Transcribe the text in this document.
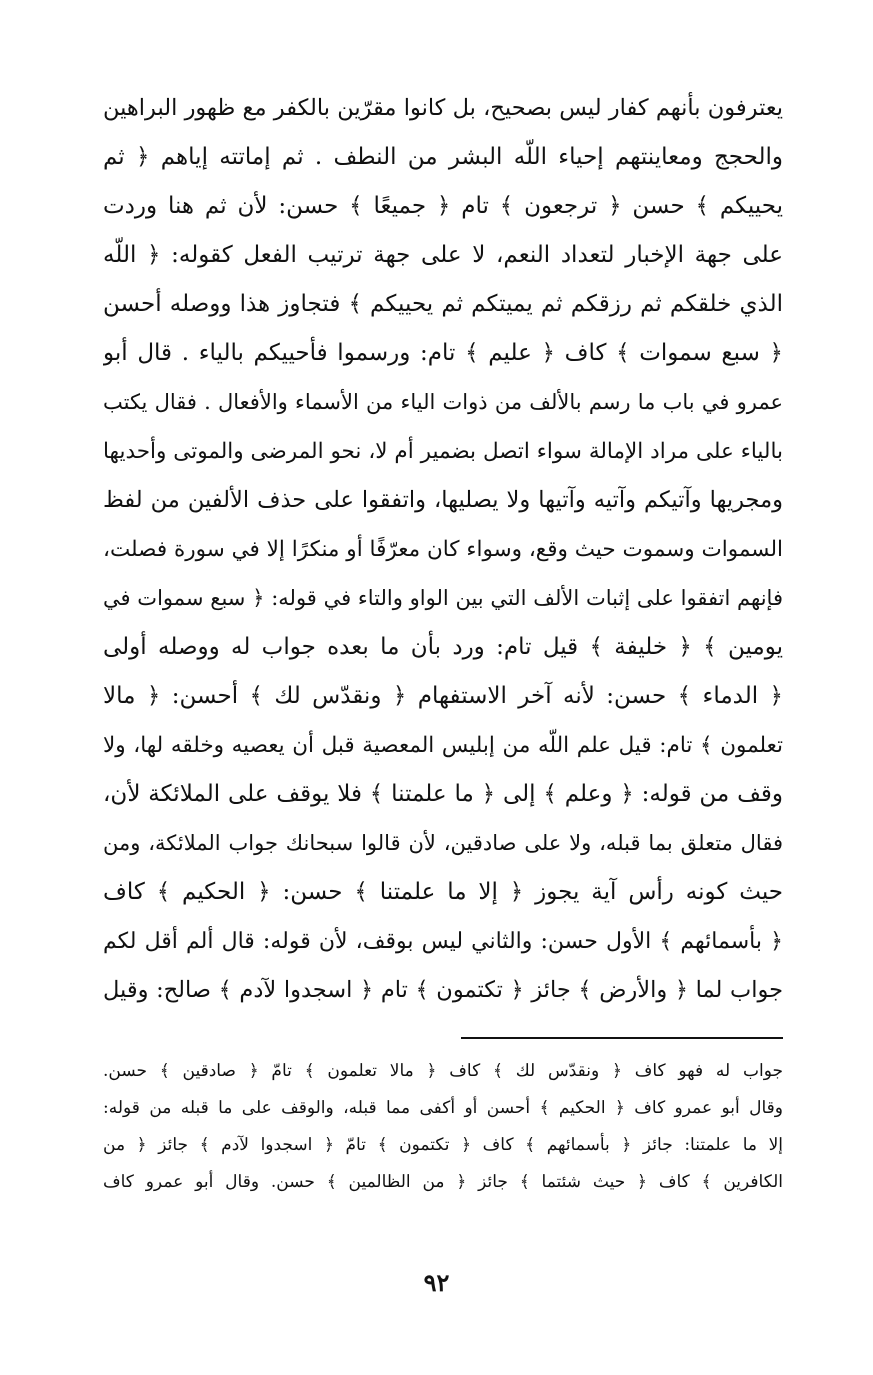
يعترفون بأنهم كفار ليس بصحيح، بل كانوا مقرّين بالكفر مع ظهور البراهين
والحجج ومعاينتهم إحياء اللّه البشر من النطف . ثم إماتته إياهم ﴿ ثم
يحييكم ﴾ حسن ﴿ ترجعون ﴾ تام ﴿ جميعًا ﴾ حسن: لأن ثم هنا وردت
على جهة الإخبار لتعداد النعم، لا على جهة ترتيب الفعل كقوله: ﴿ اللّه
الذي خلقكم ثم رزقكم ثم يميتكم ثم يحييكم ﴾ فتجاوز هذا ووصله أحسن
﴿ سبع سموات ﴾ كاف ﴿ عليم ﴾ تام: ورسموا فأحييكم بالياء . قال أبو
عمرو في باب ما رسم بالألف من ذوات الياء من الأسماء والأفعال . فقال يكتب
بالياء على مراد الإمالة سواء اتصل بضمير أم لا، نحو المرضى والموتى وأحديها
ومجريها وآتيكم وآتيه وآتيها ولا يصليها، واتفقوا على حذف الألفين من لفظ
السموات وسموت حيث وقع، وسواء كان معرّفًا أو منكرًا إلا في سورة فصلت،
فإنهم اتفقوا على إثبات الألف التي بين الواو والتاء في قوله: ﴿ سبع سموات في
يومين ﴾ ﴿ خليفة ﴾ قيل تام: ورد بأن ما بعده جواب له ووصله أولى
﴿ الدماء ﴾ حسن: لأنه آخر الاستفهام ﴿ ونقدّس لك ﴾ أحسن: ﴿ مالا
تعلمون ﴾ تام: قيل علم اللّه من إبليس المعصية قبل أن يعصيه وخلقه لها، ولا
وقف من قوله: ﴿ وعلم ﴾ إلى ﴿ ما علمتنا ﴾ فلا يوقف على الملائكة لأن،
فقال متعلق بما قبله، ولا على صادقين، لأن قالوا سبحانك جواب الملائكة، ومن
حيث كونه رأس آية يجوز ﴿ إلا ما علمتنا ﴾ حسن: ﴿ الحكيم ﴾ كاف
﴿ بأسمائهم ﴾ الأول حسن: والثاني ليس بوقف، لأن قوله: قال ألم أقل لكم
جواب لما ﴿ والأرض ﴾ جائز ﴿ تكتمون ﴾ تام ﴿ اسجدوا لآدم ﴾ صالح: وقيل
جواب له فهو كاف ﴿ ونقدّس لك ﴾ كاف ﴿ مالا تعلمون ﴾ تامّ ﴿ صادقين ﴾ حسن.
وقال أبو عمرو كاف ﴿ الحكيم ﴾ أحسن أو أكفى مما قبله، والوقف على ما قبله من قوله:
إلا ما علمتنا: جائز ﴿ بأسمائهم ﴾ كاف ﴿ تكتمون ﴾ تامّ ﴿ اسجدوا لآدم ﴾ جائز ﴿ من
الكافرين ﴾ كاف ﴿ حيث شئتما ﴾ جائز ﴿ من الظالمين ﴾ حسن. وقال أبو عمرو كاف
٩٢
